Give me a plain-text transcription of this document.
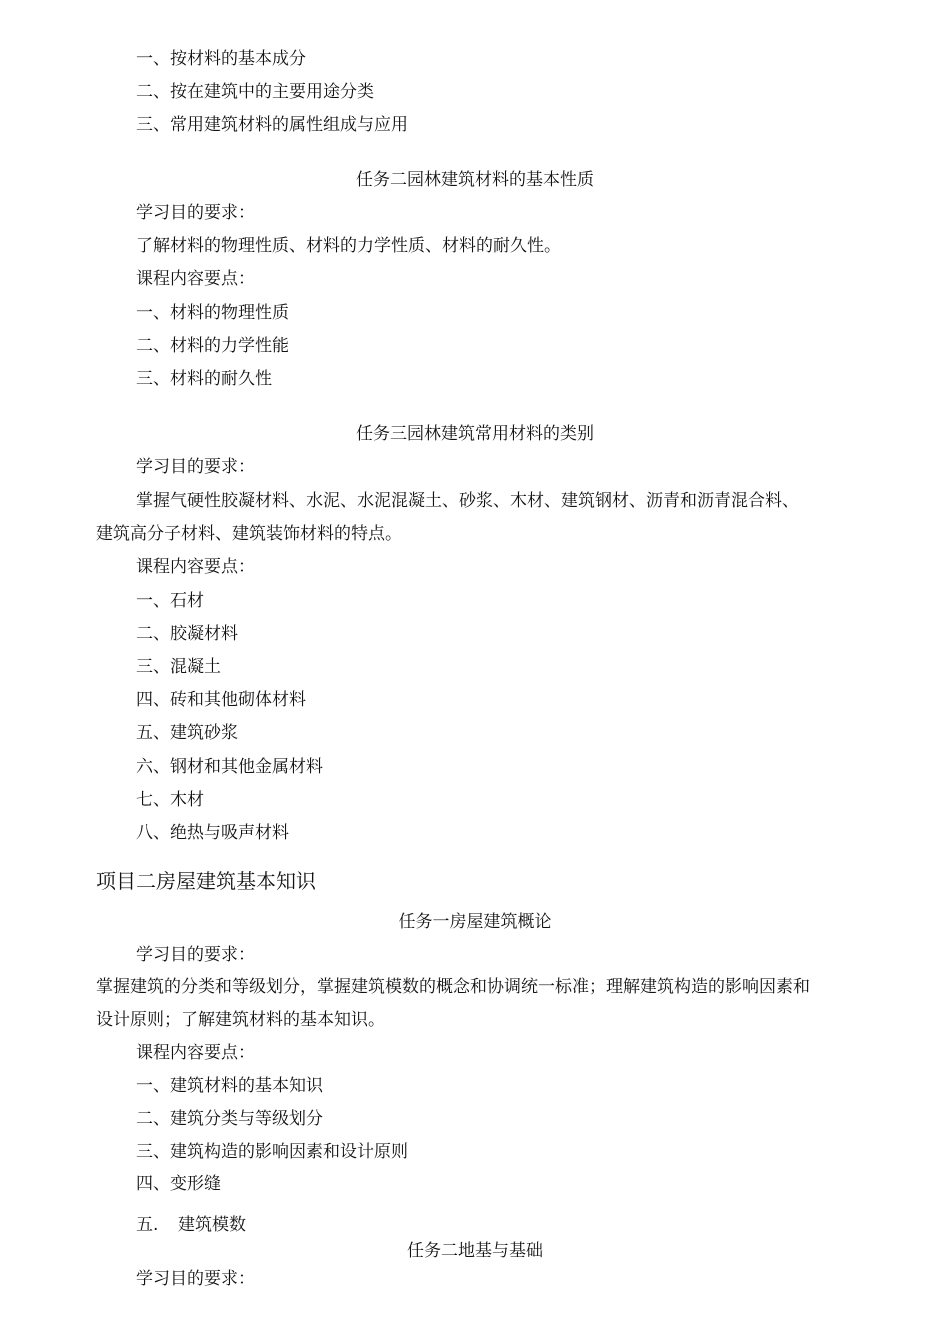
一、按材料的基本成分
二、按在建筑中的主要用途分类
三、常用建筑材料的属性组成与应用
任务二园林建筑材料的基本性质
学习目的要求：
了解材料的物理性质、材料的力学性质、材料的耐久性。
课程内容要点：
一、材料的物理性质
二、材料的力学性能
三、材料的耐久性
任务三园林建筑常用材料的类别
学习目的要求：
掌握气硬性胶凝材料、水泥、水泥混凝土、砂浆、木材、建筑钢材、沥青和沥青混合料、
建筑高分子材料、建筑装饰材料的特点。
课程内容要点：
一、石材
二、胶凝材料
三、混凝土
四、砖和其他砌体材料
五、建筑砂浆
六、钢材和其他金属材料
七、木材
八、绝热与吸声材料
项目二房屋建筑基本知识
任务一房屋建筑概论
学习目的要求：
掌握建筑的分类和等级划分，掌握建筑模数的概念和协调统一标准；理解建筑构造的影响因素和
设计原则；了解建筑材料的基本知识。
课程内容要点：
一、建筑材料的基本知识
二、建筑分类与等级划分
三、建筑构造的影响因素和设计原则
四、变形缝
五. 建筑模数
任务二地基与基础
学习目的要求：
